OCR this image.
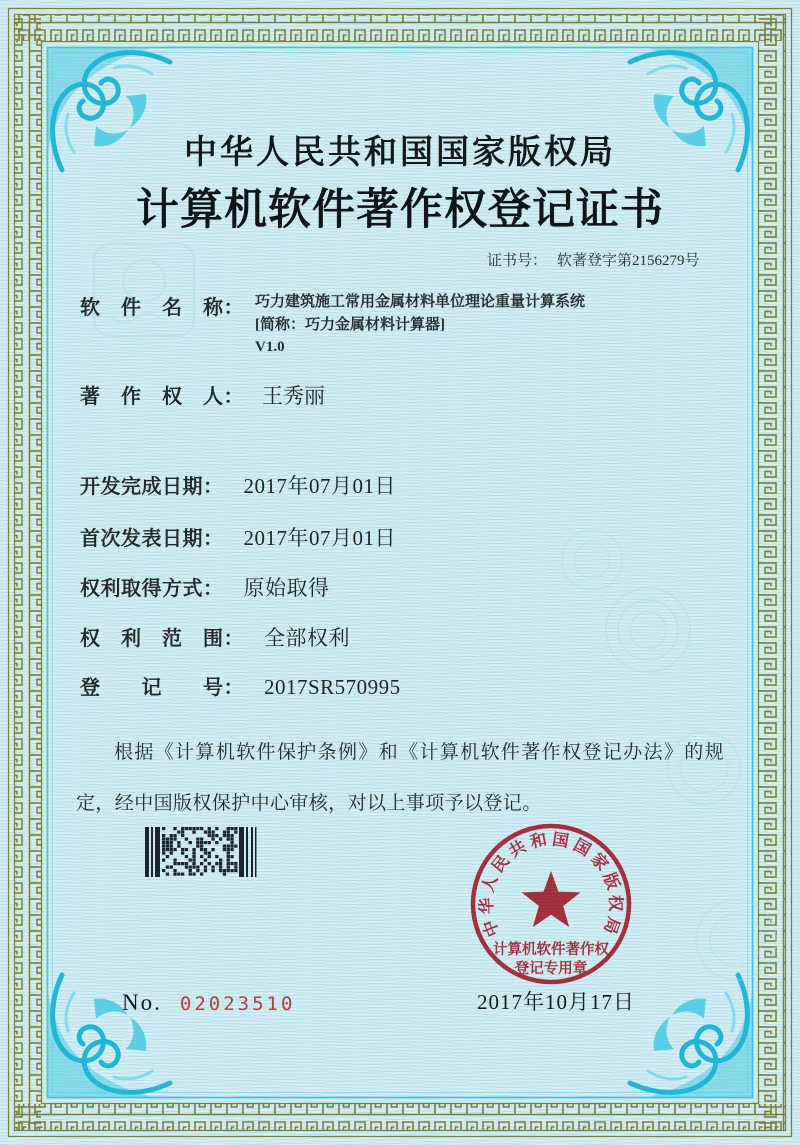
中华人民共和国国家版权局
计算机软件著作权登记证书
证书号： 软著登字第2156279号
软　件　名　称： 巧力建筑施工常用金属材料单位理论重量计算系统
[简称：巧力金属材料计算器]
V1.0
著　作　权　人： 王秀丽
开发完成日期： 2017年07月01日
首次发表日期： 2017年07月01日
权利取得方式： 原始取得
权　利　范　围： 全部权利
登　　记　　号： 2017SR570995
根据《计算机软件保护条例》和《计算机软件著作权登记办法》的规定，经中国版权保护中心审核，对以上事项予以登记。
中华人民共和国国家版权局
计算机软件著作权
登记专用章
2017年10月17日
No. 02023510
